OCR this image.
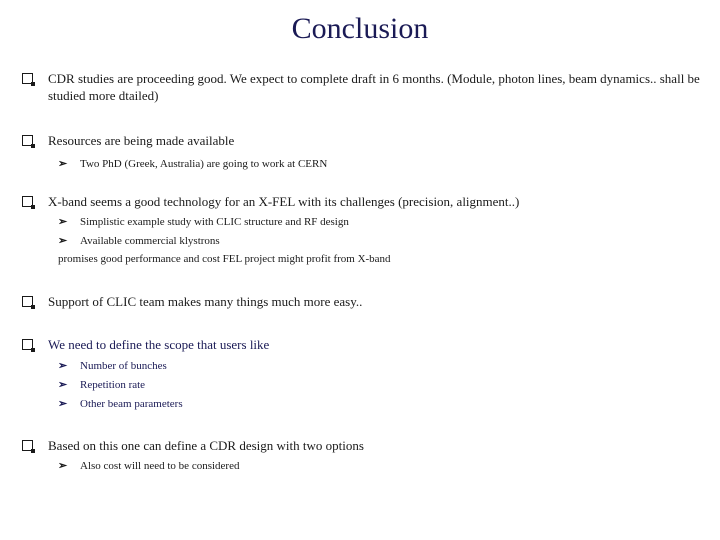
Conclusion
CDR studies are proceeding good. We expect to complete draft in 6 months. (Module, photon lines, beam dynamics.. shall be studied more dtailed)
Resources are being made available
➢ Two PhD (Greek, Australia) are going to work at CERN
X-band seems a good technology for an X-FEL with its challenges (precision, alignment..)
➢ Simplistic example study with CLIC structure and RF design
➢ Available commercial klystrons
promises good performance and cost FEL project might profit from X-band
Support of CLIC team makes many things much more easy..
We need to define the scope that users like
➢ Number of bunches
➢ Repetition rate
➢ Other beam parameters
Based on this one can define a CDR design with two options
➢ Also cost will need to be considered
